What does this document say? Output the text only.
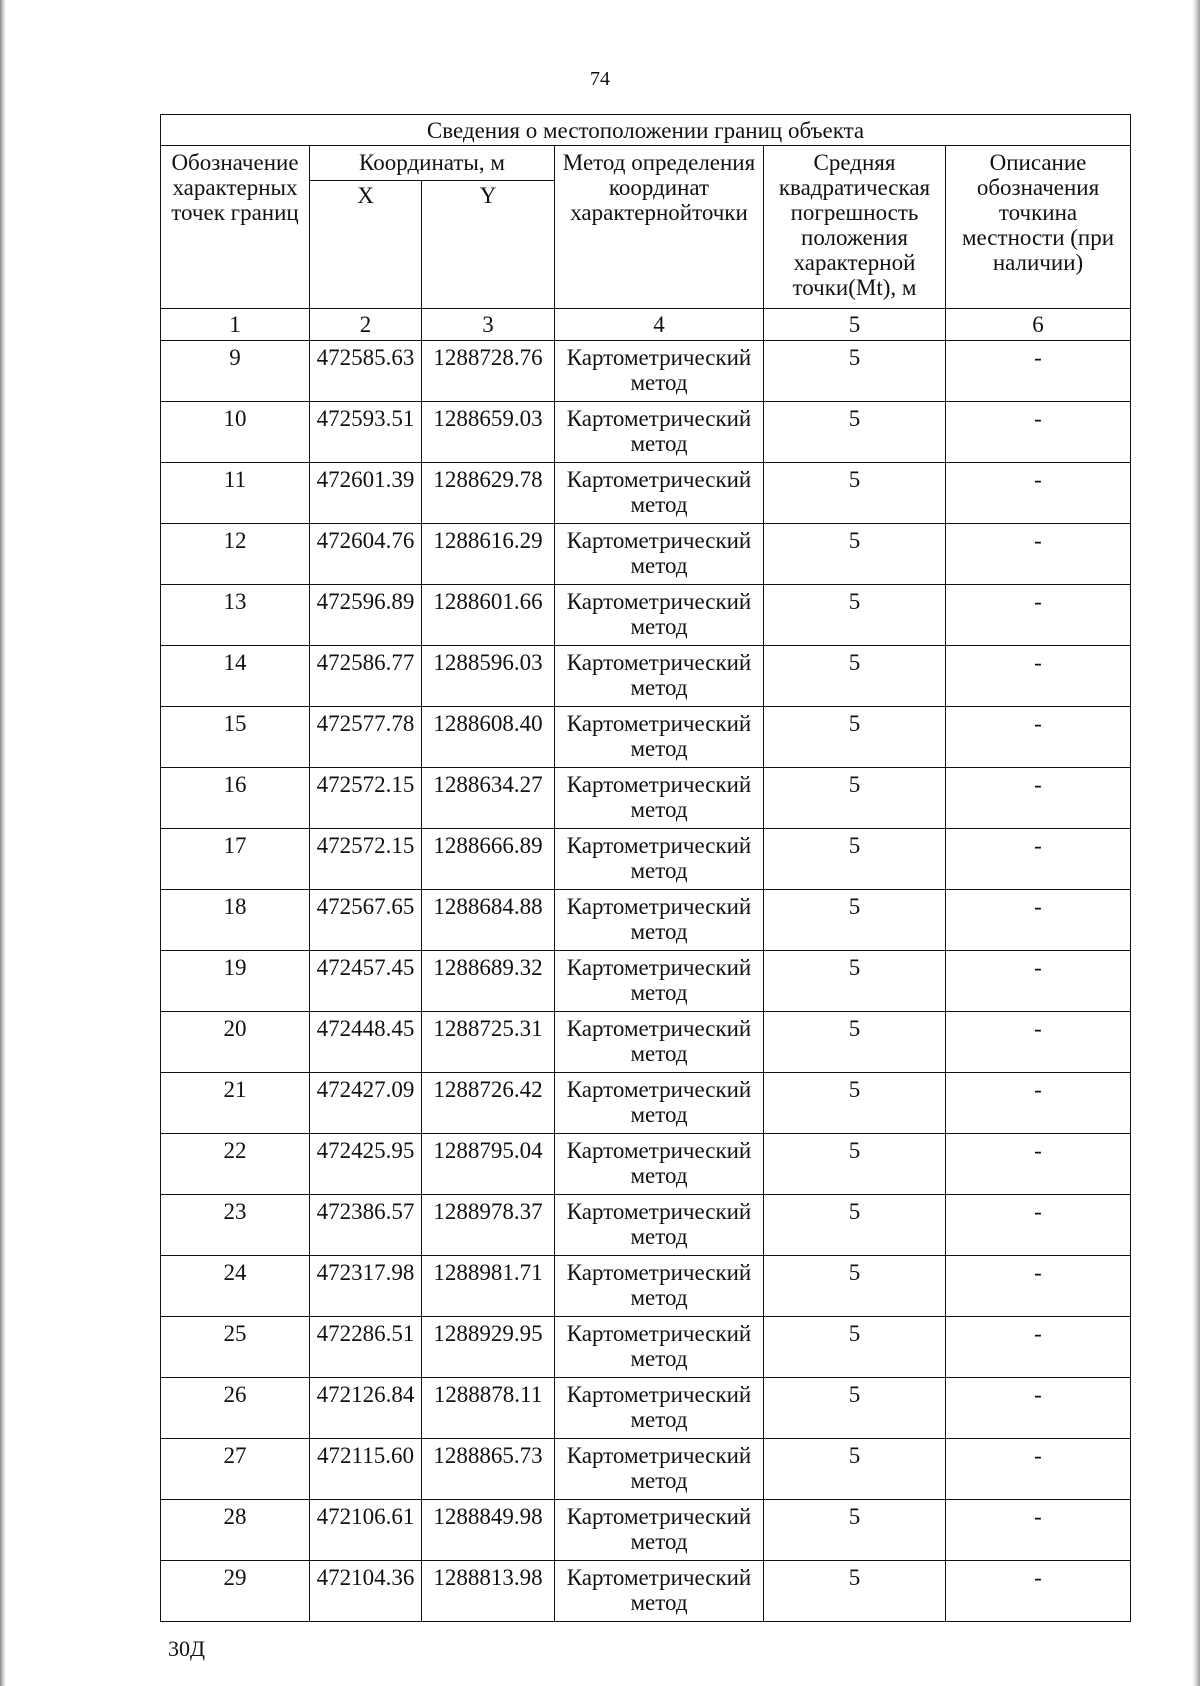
74
Сведения о местоположении границ объекта					
Обозначение характерных точек границ	Координаты, м		Метод определения координат характернойточки	Средняя квадратическая погрешность положения характерной точки(Mt), м	Описание обозначения точкина местности (при наличии)
	X	Y			
1	2	3	4	5	6
9	472585.63	1288728.76	Картометрический метод	5	-
10	472593.51	1288659.03	Картометрический метод	5	-
11	472601.39	1288629.78	Картометрический метод	5	-
12	472604.76	1288616.29	Картометрический метод	5	-
13	472596.89	1288601.66	Картометрический метод	5	-
14	472586.77	1288596.03	Картометрический метод	5	-
15	472577.78	1288608.40	Картометрический метод	5	-
16	472572.15	1288634.27	Картометрический метод	5	-
17	472572.15	1288666.89	Картометрический метод	5	-
18	472567.65	1288684.88	Картометрический метод	5	-
19	472457.45	1288689.32	Картометрический метод	5	-
20	472448.45	1288725.31	Картометрический метод	5	-
21	472427.09	1288726.42	Картометрический метод	5	-
22	472425.95	1288795.04	Картометрический метод	5	-
23	472386.57	1288978.37	Картометрический метод	5	-
24	472317.98	1288981.71	Картометрический метод	5	-
25	472286.51	1288929.95	Картометрический метод	5	-
26	472126.84	1288878.11	Картометрический метод	5	-
27	472115.60	1288865.73	Картометрический метод	5	-
28	472106.61	1288849.98	Картометрический метод	5	-
29	472104.36	1288813.98	Картометрический метод	5	-
30Д
